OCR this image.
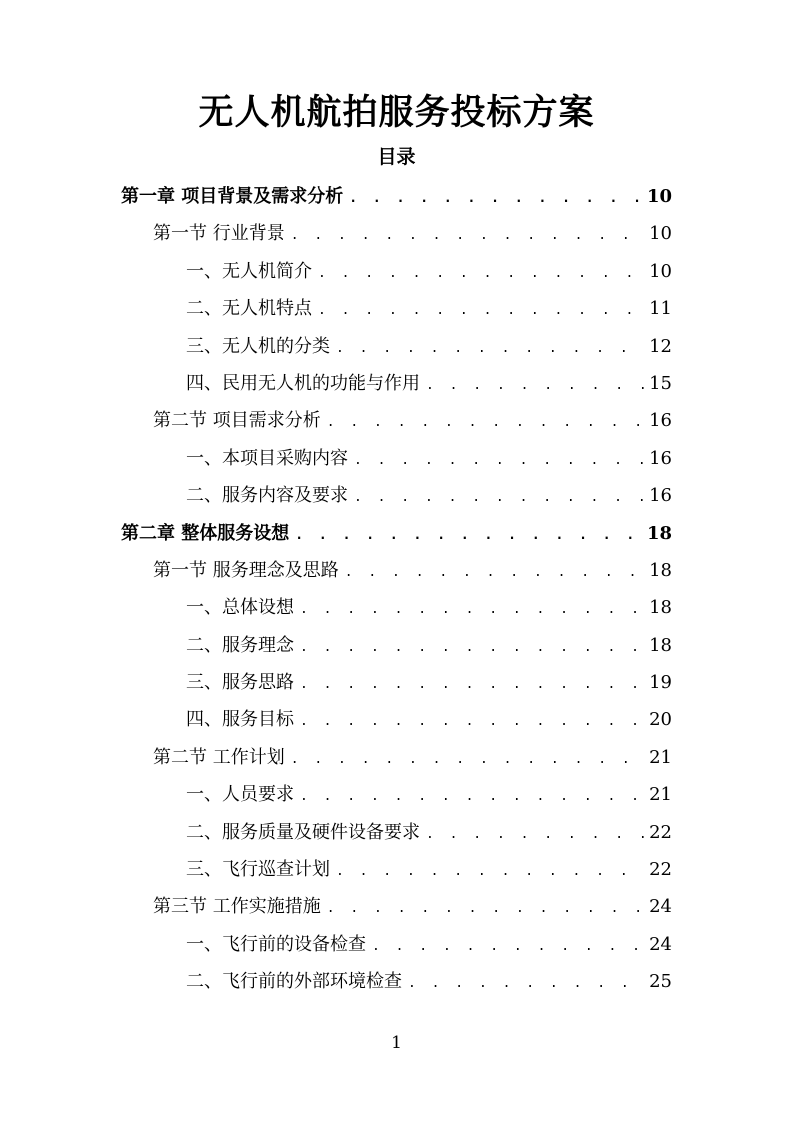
无人机航拍服务投标方案
目录
第一章 项目背景及需求分析 . . .	10
第一节 行业背景 . . .	10
一、无人机简介 . . .	10
二、无人机特点 . . .	11
三、无人机的分类 . . .	12
四、民用无人机的功能与作用 . . .	15
第二节 项目需求分析 . . .	16
一、本项目采购内容 . . .	16
二、服务内容及要求 . . .	16
第二章 整体服务设想 . . .	18
第一节 服务理念及思路 . . .	18
一、总体设想 . . .	18
二、服务理念 . . .	18
三、服务思路 . . .	19
四、服务目标 . . .	20
第二节 工作计划 . . .	21
一、人员要求 . . .	21
二、服务质量及硬件设备要求 . . .	22
三、飞行巡查计划 . . .	22
第三节 工作实施措施 . . .	24
一、飞行前的设备检查 . . .	24
二、飞行前的外部环境检查 . . .	25
1
